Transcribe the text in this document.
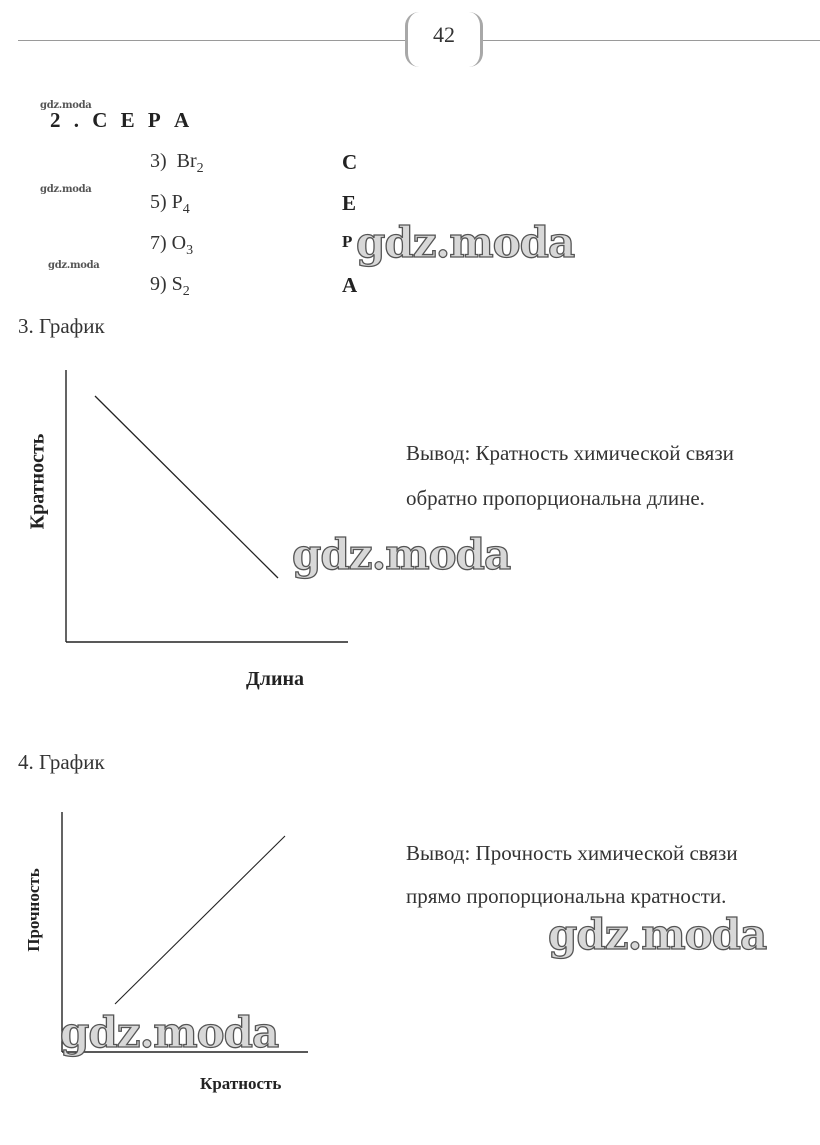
42
gdz.moda
2 . С Е Р А
gdz.moda
gdz.moda
3) $Br_2$	С
5) $P_4$	Е
7) $O_3$	Р
9) $S_2$	А
gdz.moda
3. График
Кратность
Длина
Вывод: Кратность химической связи
обратно пропорциональна длине.
gdz.moda
4. График
Прочность
Кратность
Вывод: Прочность химической связи
прямо пропорциональна кратности.
gdz.moda
gdz.moda
